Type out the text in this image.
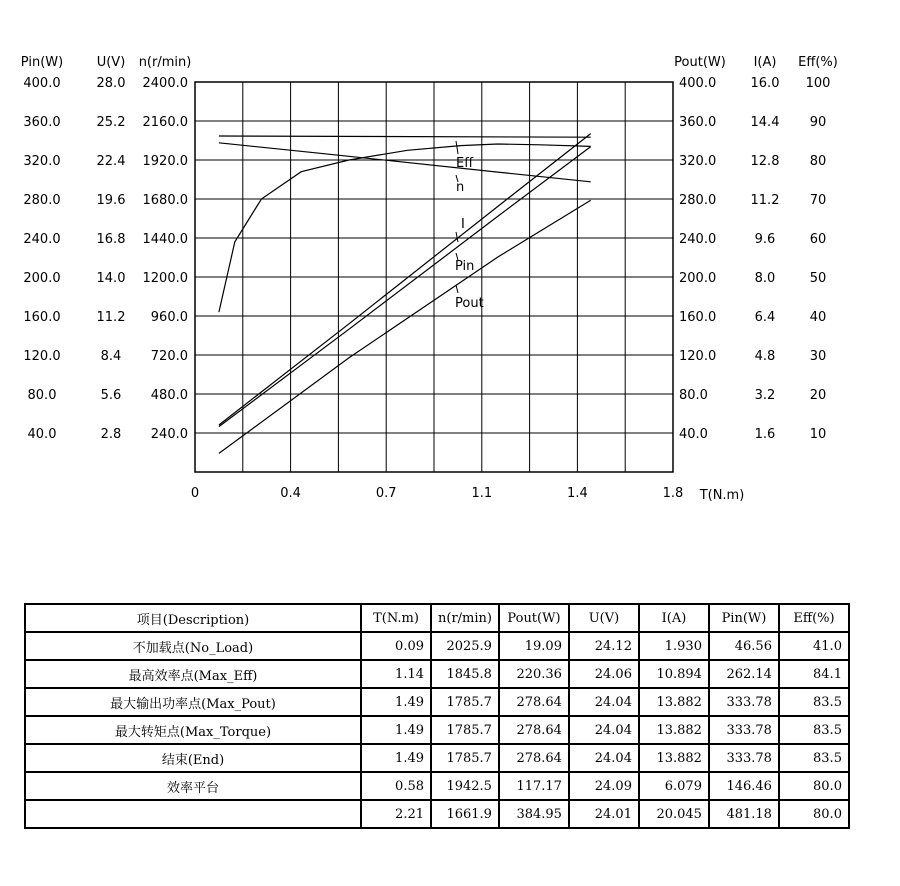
Pin(W)
400.0
360.0
320.0
280.0
240.0
200.0
160.0
120.0
80.0
40.0
U(V)
28.0
25.2
22.4
19.6
16.8
14.0
11.2
8.4
5.6
2.8
n(r/min)
2400.0
2160.0
1920.0
1680.0
1440.0
1200.0
960.0
720.0
480.0
240.0
Pout(W)
400.0
360.0
320.0
280.0
240.0
200.0
160.0
120.0
80.0
40.0
I(A)
16.0
14.4
12.8
11.2
9.6
8.0
6.4
4.8
3.2
1.6
Eff(%)
100
90
80
70
60
50
40
30
20
10
0	0.4	0.7	1.1	1.4	1.8 T(N.m)
Eff
n
I
Pin
Pout
项目(Description)	T(N.m)	n(r/min)	Pout(W)	U(V)	I(A)	Pin(W)	Eff(%)
不加载点(No_Load)	0.09	2025.9	19.09	24.12	1.930	46.56	41.0
最高效率点(Max_Eff)	1.14	1845.8	220.36	24.06	10.894	262.14	84.1
最大输出功率点(Max_Pout)	1.49	1785.7	278.64	24.04	13.882	333.78	83.5
最大转矩点(Max_Torque)	1.49	1785.7	278.64	24.04	13.882	333.78	83.5
结束(End)	1.49	1785.7	278.64	24.04	13.882	333.78	83.5
效率平台	0.58	1942.5	117.17	24.09	6.079	146.46	80.0
	2.21	1661.9	384.95	24.01	20.045	481.18	80.0
